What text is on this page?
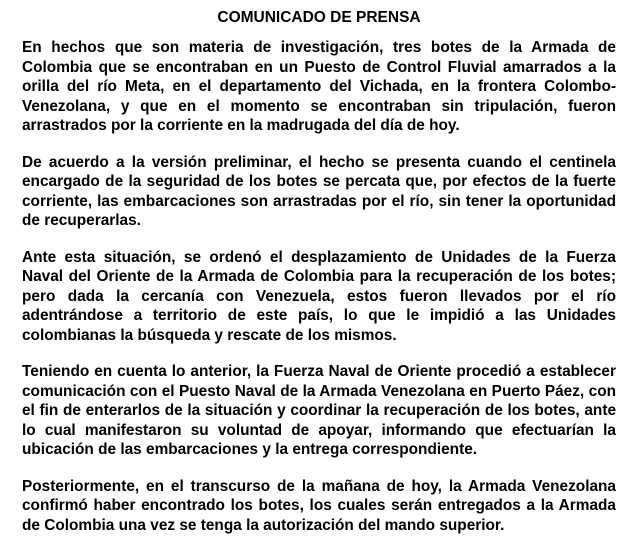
COMUNICADO DE PRENSA

En hechos que son materia de investigación, tres botes de la Armada de Colombia que se encontraban en un Puesto de Control Fluvial amarrados a la orilla del río Meta, en el departamento del Vichada, en la frontera Colombo-Venezolana, y que en el momento se encontraban sin tripulación, fueron arrastrados por la corriente en la madrugada del día de hoy.

De acuerdo a la versión preliminar, el hecho se presenta cuando el centinela encargado de la seguridad de los botes se percata que, por efectos de la fuerte corriente, las embarcaciones son arrastradas por el río, sin tener la oportunidad de recuperarlas.

Ante esta situación, se ordenó el desplazamiento de Unidades de la Fuerza Naval del Oriente de la Armada de Colombia para la recuperación de los botes; pero dada la cercanía con Venezuela, estos fueron llevados por el río adentrándose a territorio de este país, lo que le impidió a las Unidades colombianas la búsqueda y rescate de los mismos.

Teniendo en cuenta lo anterior, la Fuerza Naval de Oriente procedió a establecer comunicación con el Puesto Naval de la Armada Venezolana en Puerto Páez, con el fin de enterarlos de la situación y coordinar la recuperación de los botes, ante lo cual manifestaron su voluntad de apoyar, informando que efectuarían la ubicación de las embarcaciones y la entrega correspondiente.

Posteriormente, en el transcurso de la mañana de hoy, la Armada Venezolana confirmó haber encontrado los botes, los cuales serán entregados a la Armada de Colombia una vez se tenga la autorización del mando superior.
